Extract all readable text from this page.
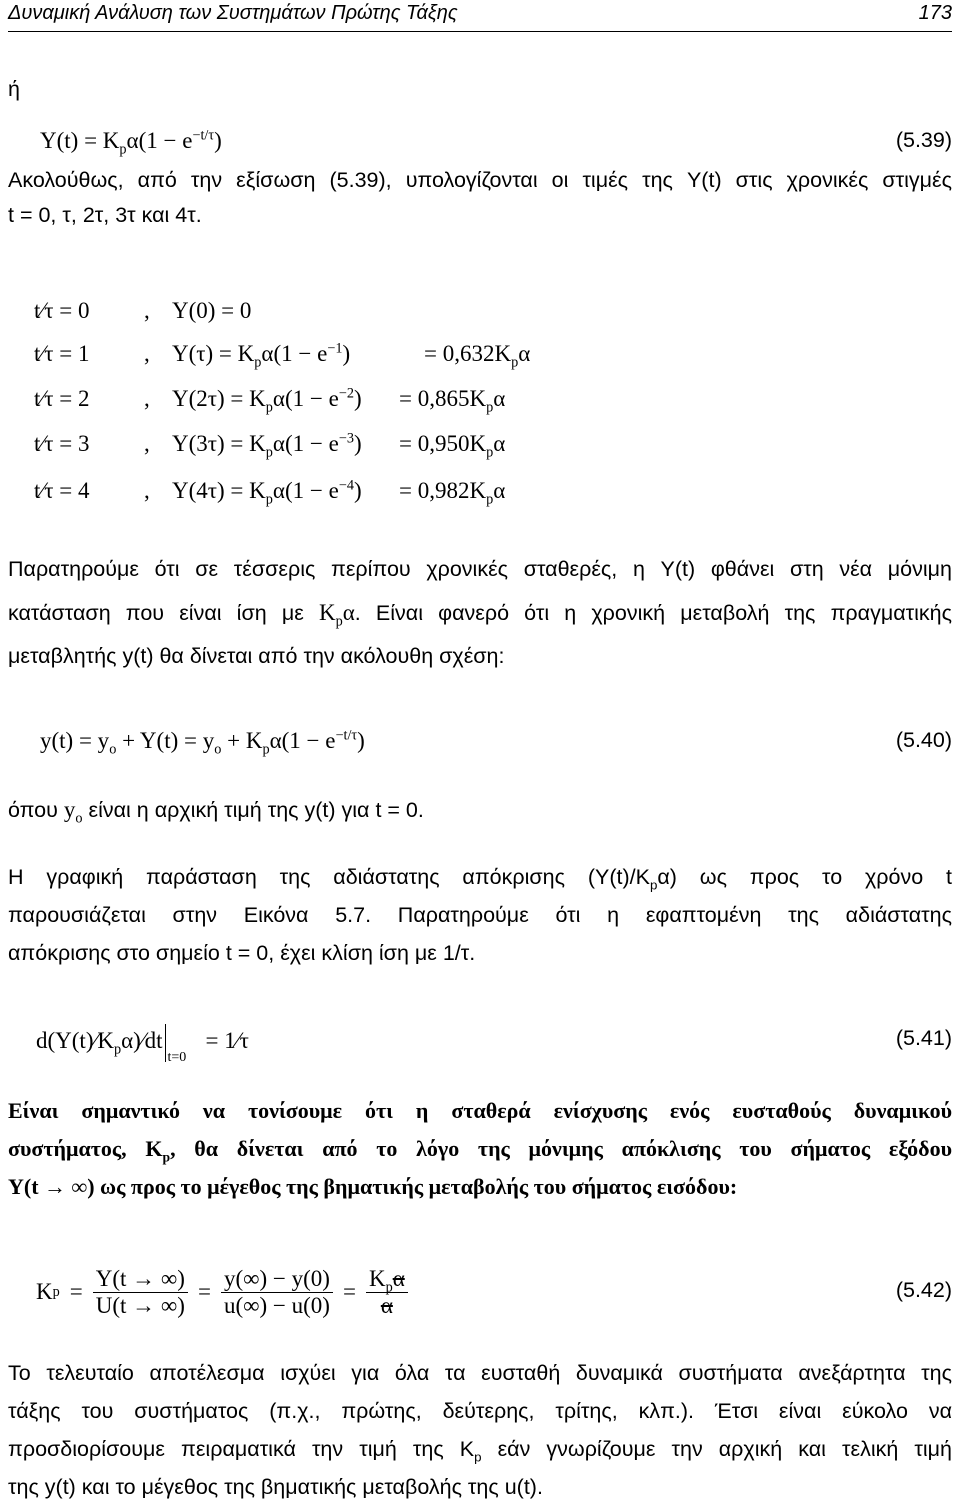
Δυναμική Ανάλυση των Συστημάτων Πρώτης Τάξης	173
ή
$Y(t) = K_p\alpha(1 - e^{-t/\tau})$	(5.39)
Ακολούθως, από την εξίσωση (5.39), υπολογίζονται οι τιμές της Y(t) στις χρονικές στιγμές
t = 0, τ, 2τ, 3τ και 4τ.
t⁄τ = 0 , Y(0) = 0
t⁄τ = 1 , $Y(\tau) = K_p\alpha(1 - e^{-1})$	= $0,632K_p\alpha$
t⁄τ = 2 , $Y(2\tau) = K_p\alpha(1 - e^{-2}) = 0,865K_p\alpha$
t⁄τ = 3 , $Y(3\tau) = K_p\alpha(1 - e^{-3}) = 0,950K_p\alpha$
t⁄τ = 4 , $Y(4\tau) = K_p\alpha(1 - e^{-4}) = 0,982K_p\alpha$
Παρατηρούμε ότι σε τέσσερις περίπου χρονικές σταθερές, η Y(t) φθάνει στη νέα μόνιμη
κατάσταση που είναι ίση με $K_p\alpha$. Είναι φανερό ότι η χρονική μεταβολή της πραγματικής
μεταβλητής y(t) θα δίνεται από την ακόλουθη σχέση:
$y(t) = y_o + Y(t) = y_o + K_p\alpha(1 - e^{-t/\tau})$	(5.40)
όπου $y_o$ είναι η αρχική τιμή της y(t) για t = 0.
Η γραφική παράσταση της αδιάστατης απόκρισης $(Y(t)/K_p\alpha)$ ως προς το χρόνο t
παρουσιάζεται στην Εικόνα 5.7. Παρατηρούμε ότι η εφαπτομένη της αδιάστατης
απόκρισης στο σημείο t = 0, έχει κλίση ίση με 1/τ.
$d(Y(t)⁄K_p\alpha)⁄dt$
t=0
= 1⁄τ	(5.41)
Είναι σημαντικό να τονίσουμε ότι η σταθερά ενίσχυσης ενός ευσταθούς δυναμικού
συστήματος, $K_p$, θα δίνεται από το λόγο της μόνιμης απόκλισης του σήματος εξόδου
Y(t → ∞) ως προς το μέγεθος της βηματικής μεταβολής του σήματος εισόδου:
K $p = \frac{Y(t \to \infty)}{U(t \to \infty)} = \frac{y(\infty) - y(0)}{u(\infty) - u(0)} = \frac{K_p\alpha}{\alpha}$	(5.42)
Το τελευταίο αποτέλεσμα ισχύει για όλα τα ευσταθή δυναμικά συστήματα ανεξάρτητα της
τάξης του συστήματος (π.χ., πρώτης, δεύτερης, τρίτης, κλπ.). Έτσι είναι εύκολο να
προσδιορίσουμε πειραματικά την τιμή της $K_p$ εάν γνωρίζουμε την αρχική και τελική τιμή
της y(t) και το μέγεθος της βηματικής μεταβολής της u(t).
